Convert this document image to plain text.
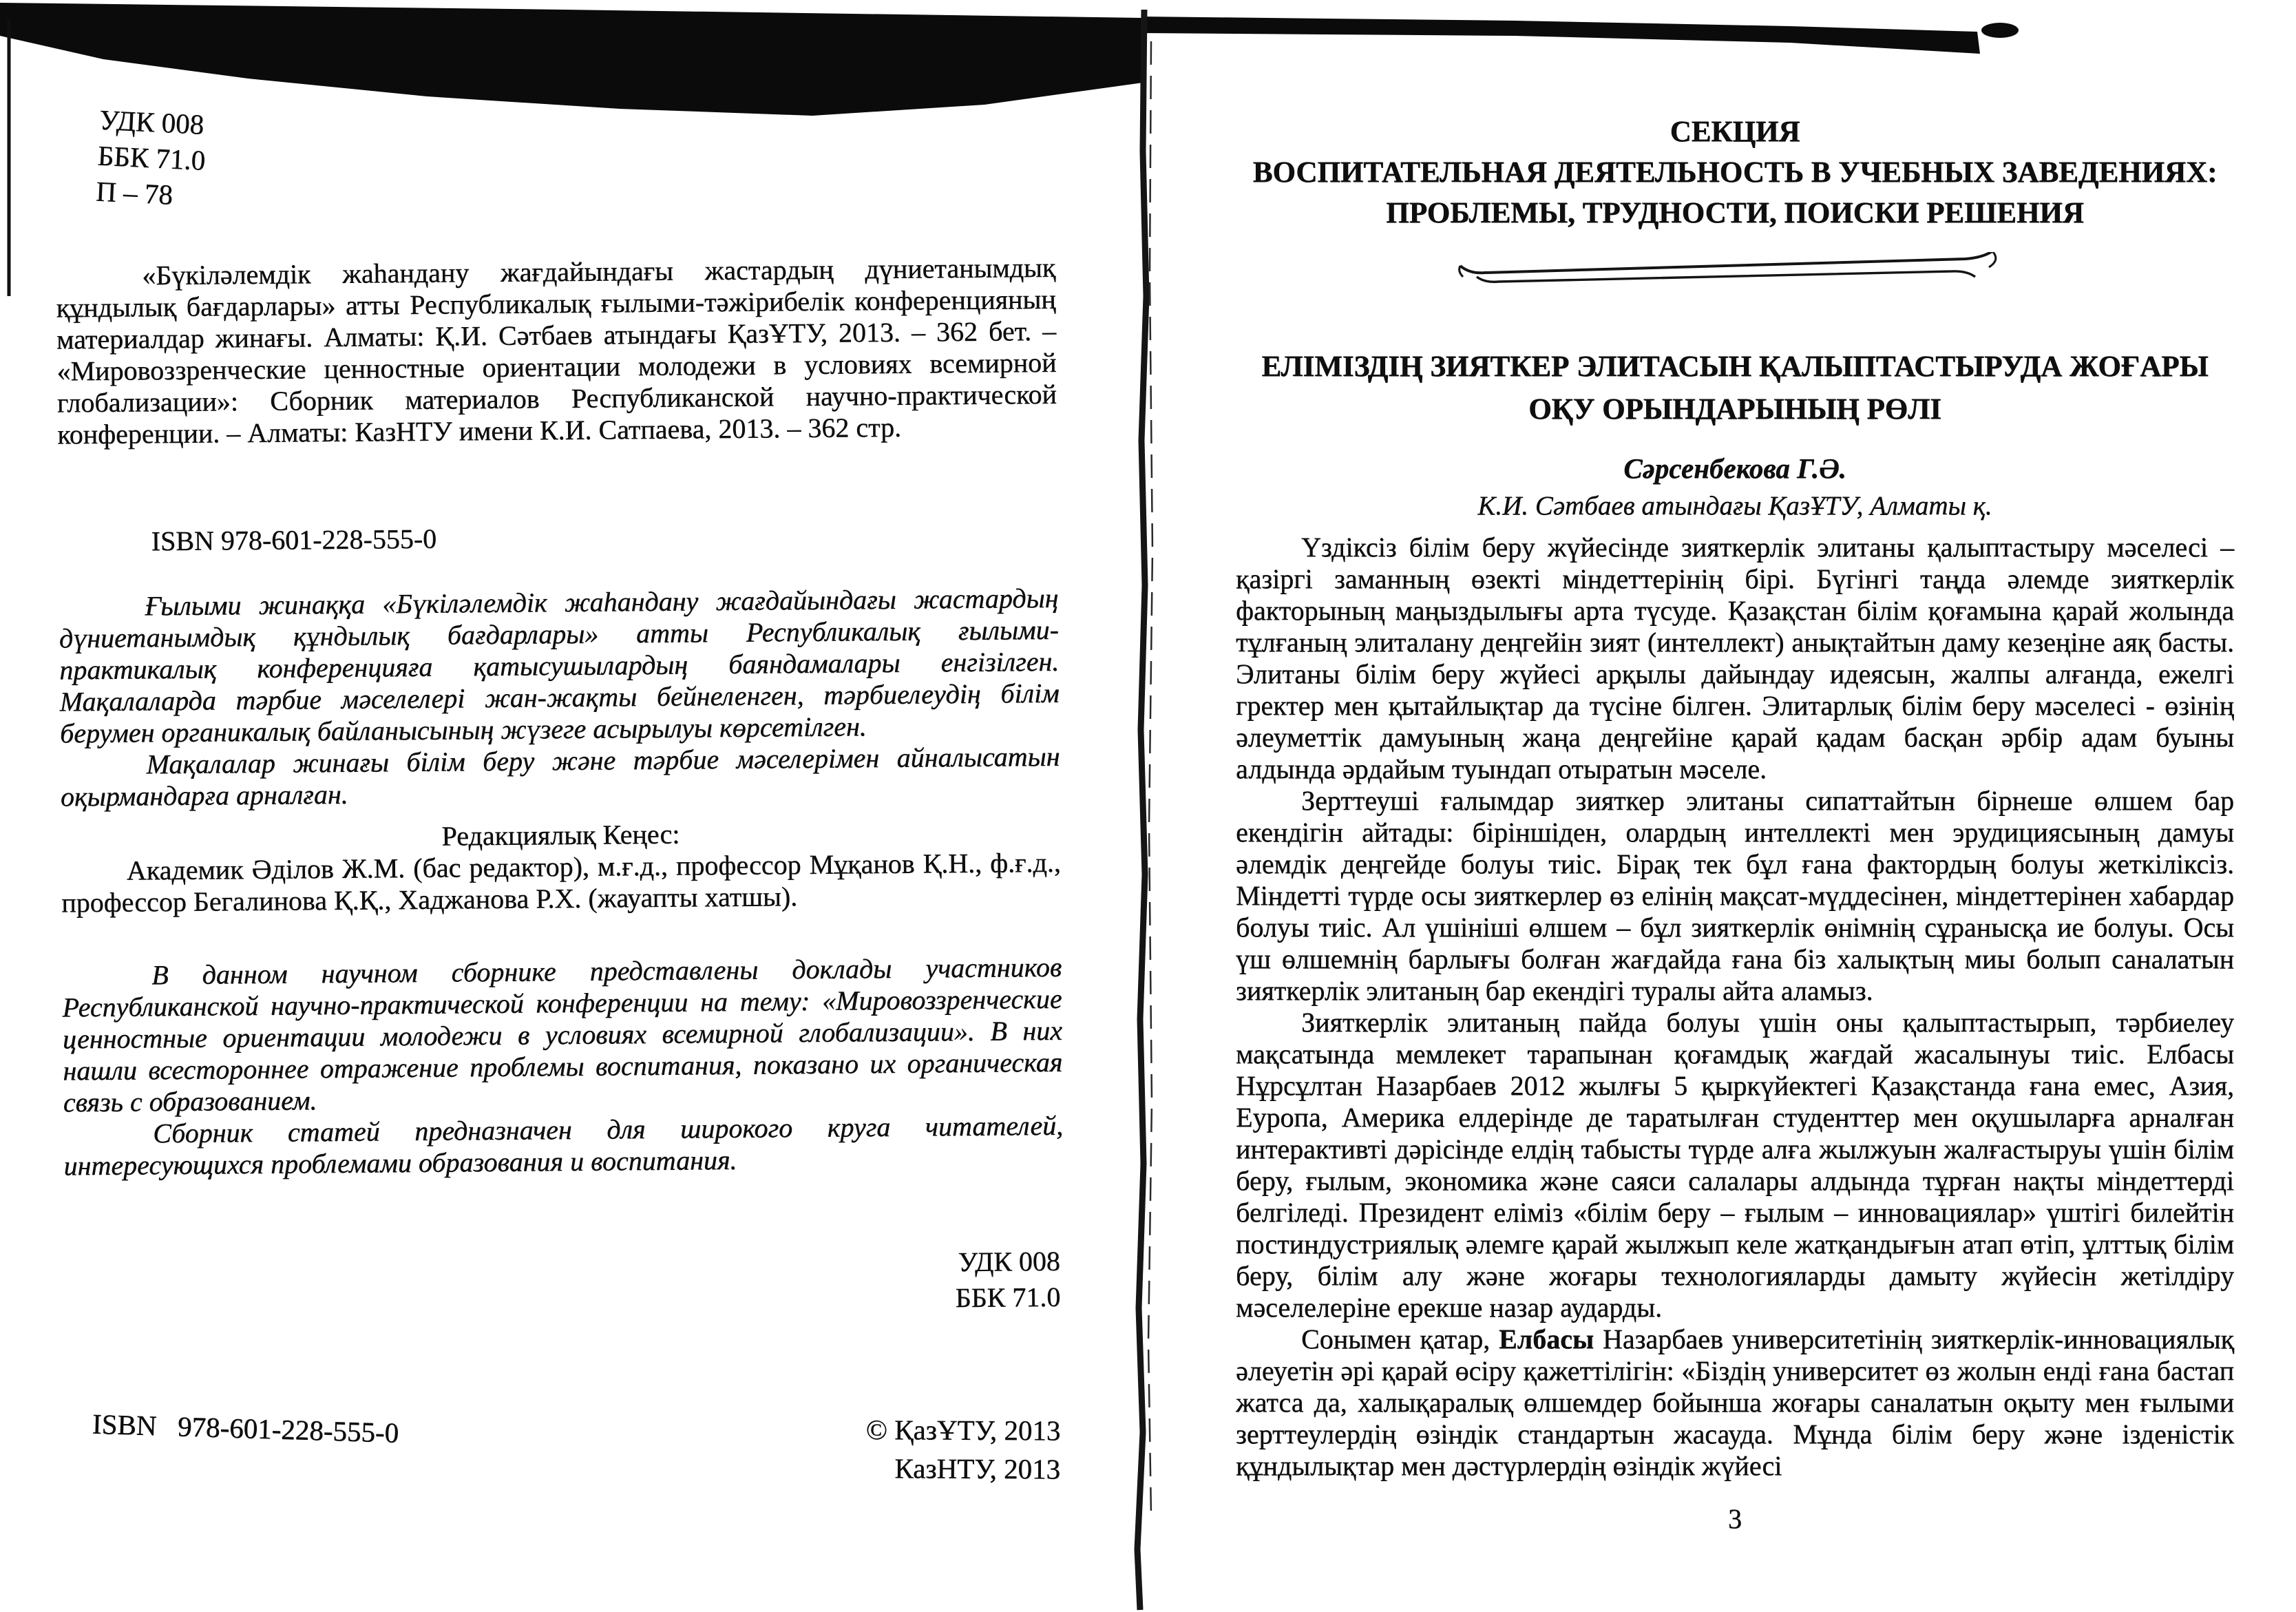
УДК 008

ББК 71.0

П – 78

«Бүкіләлемдік жаһандану жағдайындағы жастардың дүниетанымдық құндылық бағдарлары» атты Республикалық ғылыми-тәжірибелік конференцияның материалдар жинағы. Алматы: Қ.И. Сәтбаев атындағы ҚазҰТУ, 2013. – 362 бет. – «Мировоззренческие ценностные ориентации молодежи в условиях всемирной глобализации»: Сборник материалов Республиканской научно-практической конференции. – Алматы: КазНТУ имени К.И. Сатпаева, 2013. – 362 стр.

ISBN 978-601-228-555-0

Ғылыми жинаққа «Бүкіләлемдік жаһандану жағдайындағы жастардың дүниетанымдық құндылық бағдарлары» атты Республикалық ғылыми-практикалық конференцияға қатысушылардың баяндамалары енгізілген. Мақалаларда тәрбие мәселелері жан-жақты бейнеленген, тәрбиелеудің білім берумен органикалық байланысының жүзеге асырылуы көрсетілген.

Мақалалар жинағы білім беру және тәрбие мәселерімен айналысатын оқырмандарға арналған.

Редакциялық Кеңес:

Академик Әділов Ж.М. (бас редактор), м.ғ.д., профессор Мұқанов Қ.Н., ф.ғ.д., профессор Бегалинова Қ.Қ., Хаджанова Р.Х. (жауапты хатшы).

В данном научном сборнике представлены доклады участников Республиканской научно-практической конференции на тему: «Мировоззренческие ценностные ориентации молодежи в условиях всемирной глобализации». В них нашли всестороннее отражение проблемы воспитания, показано их органическая связь с образованием.

Сборник статей предназначен для широкого круга читателей, интересующихся проблемами образования и воспитания.

УДК 008

ББК 71.0

ISBN   978-601-228-555-0	© ҚазҰТУ, 2013

КазНТУ, 2013

СЕКЦИЯ

ВОСПИТАТЕЛЬНАЯ ДЕЯТЕЛЬНОСТЬ В УЧЕБНЫХ ЗАВЕДЕНИЯХ:

ПРОБЛЕМЫ, ТРУДНОСТИ, ПОИСКИ РЕШЕНИЯ

ЕЛІМІЗДІҢ ЗИЯТКЕР ЭЛИТАСЫН ҚАЛЫПТАСТЫРУДА ЖОҒАРЫ

ОҚУ ОРЫНДАРЫНЫҢ РӨЛІ

Сәрсенбекова Г.Ә.

К.И. Сәтбаев атындағы ҚазҰТУ, Алматы қ.

Үздіксіз білім беру жүйесінде зияткерлік элитаны қалыптастыру мәселесі – қазіргі заманның өзекті міндеттерінің бірі. Бүгінгі таңда әлемде зияткерлік факторының маңыздылығы арта түсуде. Қазақстан білім қоғамына қарай жолында тұлғаның элиталану деңгейін зият (интеллект) анықтайтын даму кезеңіне аяқ басты. Элитаны білім беру жүйесі арқылы дайындау идеясын, жалпы алғанда, ежелгі гректер мен қытайлықтар да түсіне білген. Элитарлық білім беру мәселесі - өзінің әлеуметтік дамуының жаңа деңгейіне қарай қадам басқан әрбір адам буыны алдында әрдайым туындап отыратын мәселе.

Зерттеуші ғалымдар зияткер элитаны сипаттайтын бірнеше өлшем бар екендігін айтады: біріншіден, олардың интеллекті мен эрудициясының дамуы әлемдік деңгейде болуы тиіс. Бірақ тек бұл ғана фактордың болуы жеткіліксіз. Міндетті түрде осы зияткерлер өз елінің мақсат-мүддесінен, міндеттерінен хабардар болуы тиіс. Ал үшініші өлшем – бұл зияткерлік өнімнің сұранысқа ие болуы. Осы үш өлшемнің барлығы болған жағдайда ғана біз халықтың миы болып саналатын зияткерлік элитаның бар екендігі туралы айта аламыз.

Зияткерлік элитаның пайда болуы үшін оны қалыптастырып, тәрбиелеу мақсатында мемлекет тарапынан қоғамдық жағдай жасалынуы тиіс. Елбасы Нұрсұлтан Назарбаев 2012 жылғы 5 қыркүйектегі Қазақстанда ғана емес, Азия, Еуропа, Америка елдерінде де таратылған студенттер мен оқушыларға арналған интерактивті дәрісінде елдің табысты түрде алға жылжуын жалғастыруы үшін білім беру, ғылым, экономика және саяси салалары алдында тұрған нақты міндеттерді белгіледі. Президент еліміз «білім беру – ғылым – инновациялар» үштігі билейтін постиндустриялық әлемге қарай жылжып келе жатқандығын атап өтіп, ұлттық білім беру, білім алу және жоғары технологияларды дамыту жүйесін жетілдіру мәселелеріне ерекше назар аударды.

Сонымен қатар, Елбасы Назарбаев университетінің зияткерлік-инновациялық әлеуетін әрі қарай өсіру қажеттілігін: «Біздің университет өз жолын енді ғана бастап жатса да, халықаралық өлшемдер бойынша жоғары саналатын оқыту мен ғылыми зерттеулердің өзіндік стандартын жасауда. Мұнда білім беру және ізденістік құндылықтар мен дәстүрлердің өзіндік жүйесі

3
